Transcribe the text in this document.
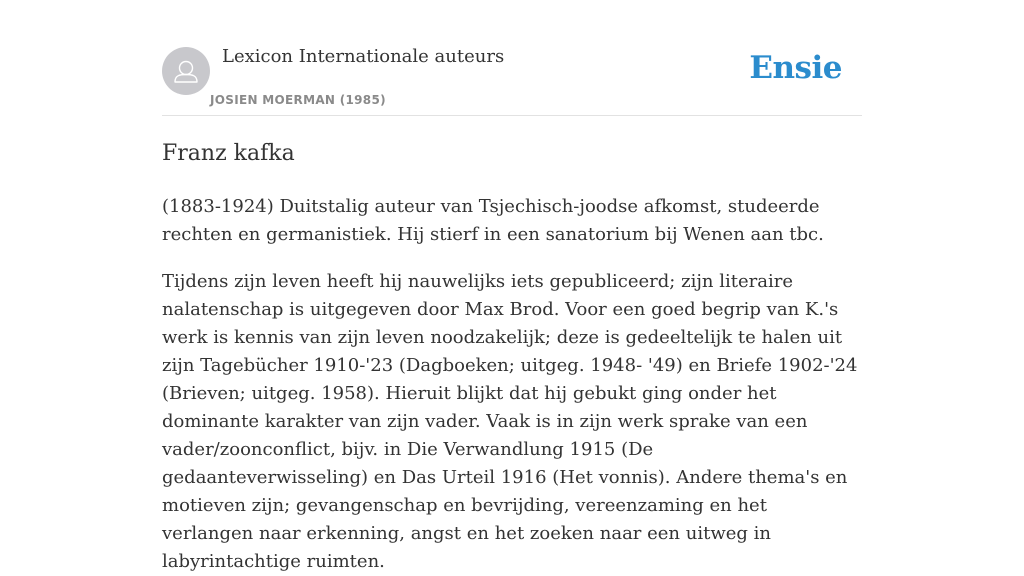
Lexicon Internationale auteurs
JOSIEN MOERMAN (1985)
Ensie
Franz kafka

(1883-1924) Duitstalig auteur van Tsjechisch-joodse afkomst, studeerde rechten en germanistiek. Hij stierf in een sanatorium bij Wenen aan tbc.

Tijdens zijn leven heeft hij nauwelijks iets gepubliceerd; zijn literaire nalatenschap is uitgegeven door Max Brod. Voor een goed begrip van K.'s werk is kennis van zijn leven noodzakelijk; deze is gedeeltelijk te halen uit zijn Tagebücher 1910-'23 (Dagboeken; uitgeg. 1948- '49) en Briefe 1902-'24 (Brieven; uitgeg. 1958). Hieruit blijkt dat hij gebukt ging onder het dominante karakter van zijn vader. Vaak is in zijn werk sprake van een vader/zoonconflict, bijv. in Die Verwandlung 1915 (De gedaanteverwisseling) en Das Urteil 1916 (Het vonnis). Andere thema's en motieven zijn; gevangenschap en bevrijding, vereenzaming en het verlangen naar erkenning, angst en het zoeken naar een uitweg in labyrintachtige ruimten.
